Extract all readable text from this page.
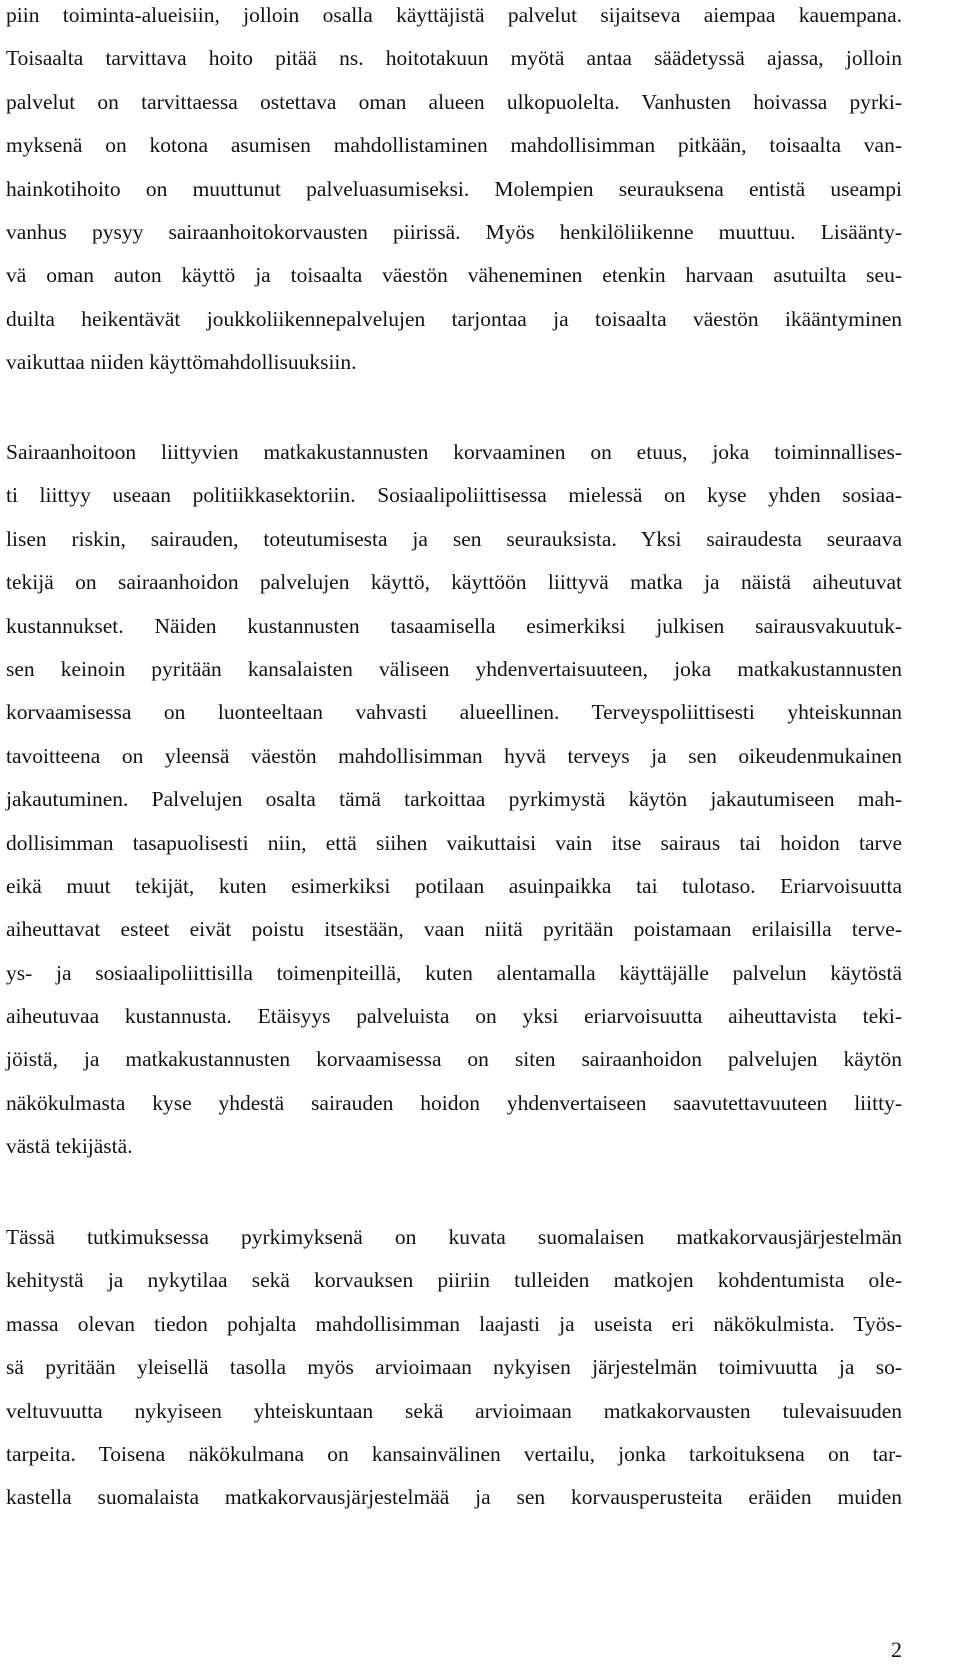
piin toiminta-alueisiin, jolloin osalla käyttäjistä palvelut sijaitseva aiempaa kauempana.
Toisaalta tarvittava hoito pitää ns. hoitotakuun myötä antaa säädetyssä ajassa, jolloin
palvelut on tarvittaessa ostettava oman alueen ulkopuolelta. Vanhusten hoivassa pyrki-
myksenä on kotona asumisen mahdollistaminen mahdollisimman pitkään, toisaalta van-
hainkotihoito on muuttunut palveluasumiseksi. Molempien seurauksena entistä useampi
vanhus pysyy sairaanhoitokorvausten piirissä. Myös henkilöliikenne muuttuu. Lisäänty-
vä oman auton käyttö ja toisaalta väestön väheneminen etenkin harvaan asutuilta seu-
duilta heikentävät joukkoliikennepalvelujen tarjontaa ja toisaalta väestön ikääntyminen
vaikuttaa niiden käyttömahdollisuuksiin.
Sairaanhoitoon liittyvien matkakustannusten korvaaminen on etuus, joka toiminnallises-
ti liittyy useaan politiikkasektoriin. Sosiaalipoliittisessa mielessä on kyse yhden sosiaa-
lisen riskin, sairauden, toteutumisesta ja sen seurauksista. Yksi sairaudesta seuraava
tekijä on sairaanhoidon palvelujen käyttö, käyttöön liittyvä matka ja näistä aiheutuvat
kustannukset. Näiden kustannusten tasaamisella esimerkiksi julkisen sairausvakuutuk-
sen keinoin pyritään kansalaisten väliseen yhdenvertaisuuteen, joka matkakustannusten
korvaamisessa on luonteeltaan vahvasti alueellinen. Terveyspoliittisesti yhteiskunnan
tavoitteena on yleensä väestön mahdollisimman hyvä terveys ja sen oikeudenmukainen
jakautuminen. Palvelujen osalta tämä tarkoittaa pyrkimystä käytön jakautumiseen mah-
dollisimman tasapuolisesti niin, että siihen vaikuttaisi vain itse sairaus tai hoidon tarve
eikä muut tekijät, kuten esimerkiksi potilaan asuinpaikka tai tulotaso. Eriarvoisuutta
aiheuttavat esteet eivät poistu itsestään, vaan niitä pyritään poistamaan erilaisilla terve-
ys- ja sosiaalipoliittisilla toimenpiteillä, kuten alentamalla käyttäjälle palvelun käytöstä
aiheutuvaa kustannusta. Etäisyys palveluista on yksi eriarvoisuutta aiheuttavista teki-
jöistä, ja matkakustannusten korvaamisessa on siten sairaanhoidon palvelujen käytön
näkökulmasta kyse yhdestä sairauden hoidon yhdenvertaiseen saavutettavuuteen liitty-
västä tekijästä.
Tässä tutkimuksessa pyrkimyksenä on kuvata suomalaisen matkakorvausjärjestelmän
kehitystä ja nykytilaa sekä korvauksen piiriin tulleiden matkojen kohdentumista ole-
massa olevan tiedon pohjalta mahdollisimman laajasti ja useista eri näkökulmista. Työs-
sä pyritään yleisellä tasolla myös arvioimaan nykyisen järjestelmän toimivuutta ja so-
veltuvuutta nykyiseen yhteiskuntaan sekä arvioimaan matkakorvausten tulevaisuuden
tarpeita. Toisena näkökulmana on kansainvälinen vertailu, jonka tarkoituksena on tar-
kastella suomalaista matkakorvausjärjestelmää ja sen korvausperusteita eräiden muiden
2
